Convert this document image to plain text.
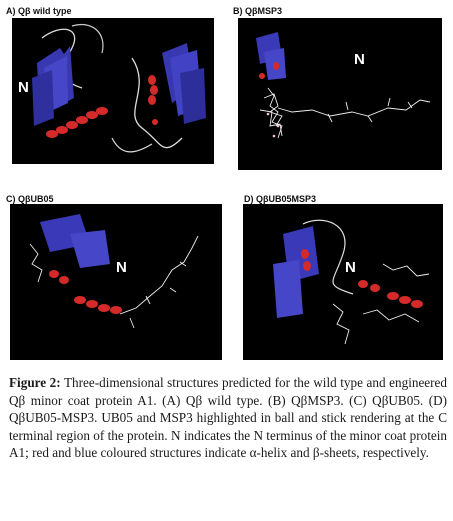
A) Qβ wild type
N
B) QβMSP3
N
C) QβUB05
N
D) QβUB05MSP3
N
Figure 2: Three-dimensional structures predicted for the wild type and engineered Qβ minor coat protein A1. (A) Qβ wild type. (B) QβMSP3. (C) QβUB05. (D) QβUB05-MSP3. UB05 and MSP3 highlighted in ball and stick rendering at the C terminal region of the protein. N indicates the N terminus of the minor coat protein A1; red and blue coloured structures indicate α-helix and β-sheets, respectively.
